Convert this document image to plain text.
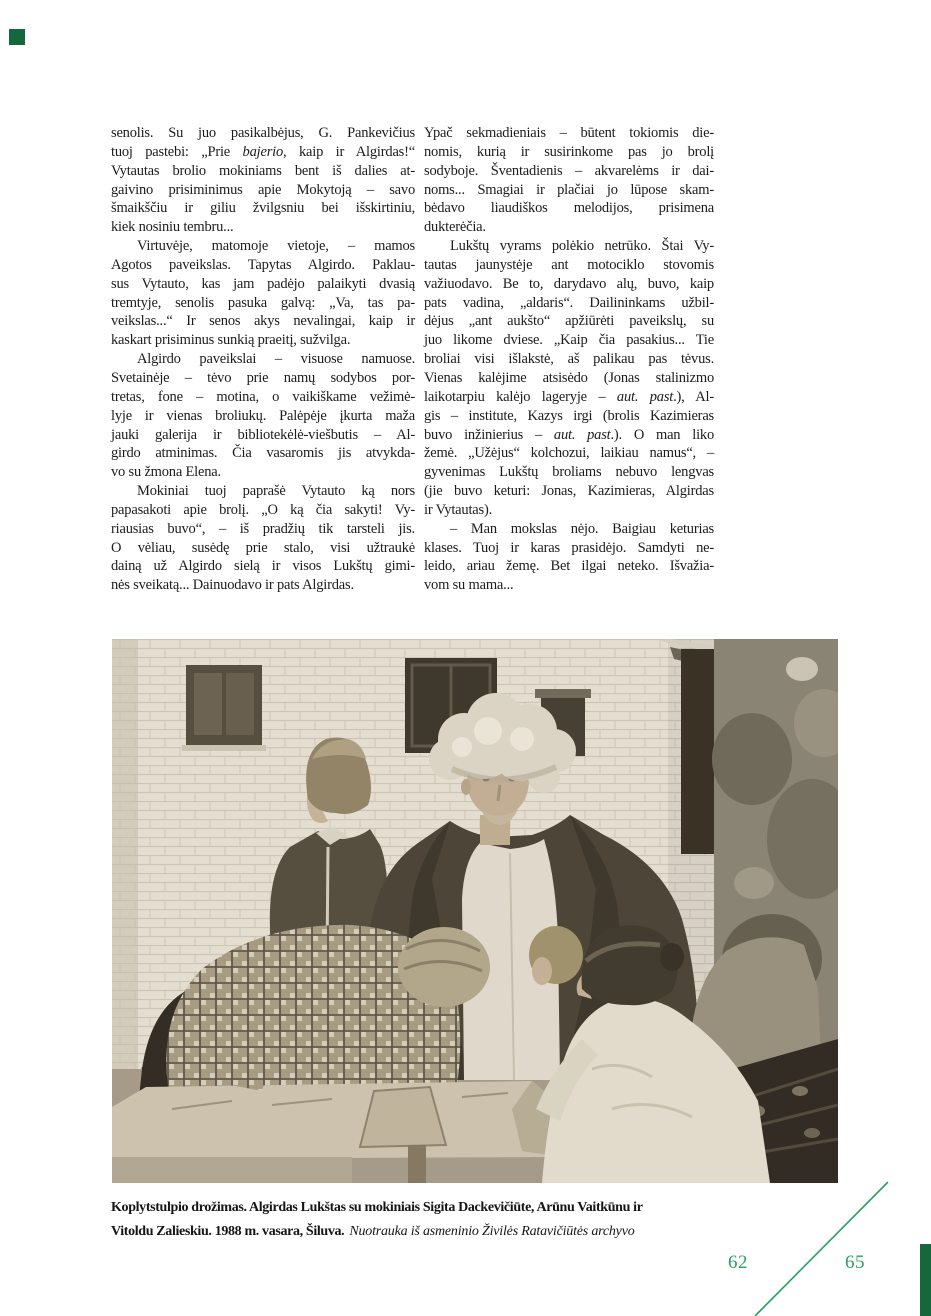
senolis. Su juo pasikalbėjus, G. Pankevičius
tuoj pastebi: „Prie bajerio, kaip ir Algirdas!“
Vytautas brolio mokiniams bent iš dalies at-
gaivino prisiminimus apie Mokytoją – savo
šmaikščiu ir giliu žvilgsniu bei išskirtiniu,
kiek nosiniu tembru...
Virtuvėje, matomoje vietoje, – mamos
Agotos paveikslas. Tapytas Algirdo. Paklau-
sus Vytauto, kas jam padėjo palaikyti dvasią
tremtyje, senolis pasuka galvą: „Va, tas pa-
veikslas...“ Ir senos akys nevalingai, kaip ir
kaskart prisiminus sunkią praeitį, sužvilga.
Algirdo paveikslai – visuose namuose.
Svetainėje – tėvo prie namų sodybos por-
tretas, fone – motina, o vaikiškame vežimė-
lyje ir vienas broliukų. Palėpėje įkurta maža
jauki galerija ir bibliotekėlė-viešbutis – Al-
girdo atminimas. Čia vasaromis jis atvykda-
vo su žmona Elena.
Mokiniai tuoj paprašė Vytauto ką nors
papasakoti apie brolį. „O ką čia sakyti! Vy-
riausias buvo“, – iš pradžių tik tarsteli jis.
O vėliau, susėdę prie stalo, visi užtraukė
dainą už Algirdo sielą ir visos Lukštų gimi-
nės sveikatą... Dainuodavo ir pats Algirdas.
Ypač sekmadieniais – būtent tokiomis die-
nomis, kurią ir susirinkome pas jo brolį
sodyboje. Šventadienis – akvarelėms ir dai-
noms... Smagiai ir plačiai jo lūpose skam-
bėdavo liaudiškos melodijos, prisimena
dukterėčia.
Lukštų vyrams polėkio netrūko. Štai Vy-
tautas jaunystėje ant motociklo stovomis
važiuodavo. Be to, darydavo alų, buvo, kaip
pats vadina, „aldaris“. Dailininkams užbil-
dėjus „ant aukšto“ apžiūrėti paveikslų, su
juo likome dviese. „Kaip čia pasakius... Tie
broliai visi išlakstė, aš palikau pas tėvus.
Vienas kalėjime atsisėdo (Jonas stalinizmo
laikotarpiu kalėjo lageryje – aut. past.), Al-
gis – institute, Kazys irgi (brolis Kazimieras
buvo inžinierius – aut. past.). O man liko
žemė. „Užėjus“ kolchozui, laikiau namus“, –
gyvenimas Lukštų broliams nebuvo lengvas
(jie buvo keturi: Jonas, Kazimieras, Algirdas
ir Vytautas).
– Man mokslas nėjo. Baigiau keturias
klases. Tuoj ir karas prasidėjo. Samdyti ne-
leido, ariau žemę. Bet ilgai neteko. Išvažia-
vom su mama...
Koplytstulpio drožimas. Algirdas Lukštas su mokiniais Sigita Dackevičiūte, Arūnu Vaitkūnu ir
Vitoldu Zalieskiu. 1988 m. vasara, Šiluva. Nuotrauka iš asmeninio Živilės Ratavičiūtės archyvo
62	65
